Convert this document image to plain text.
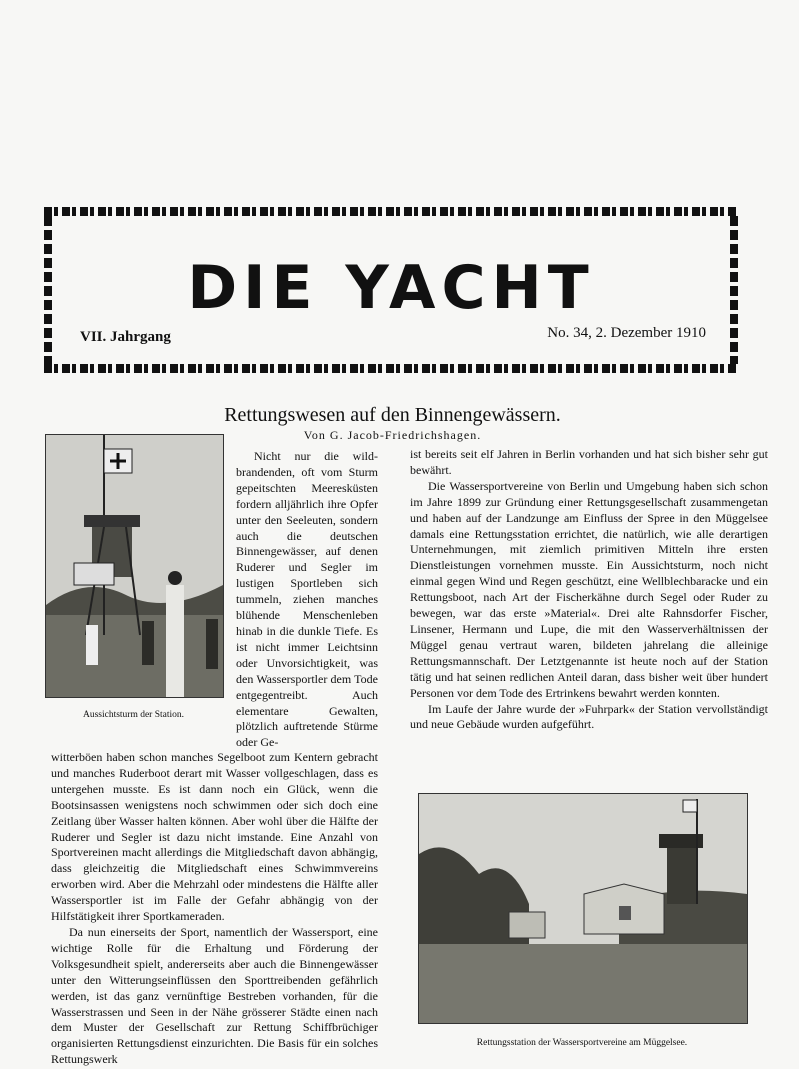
DIE YACHT
VII. Jahrgang	No. 34, 2. Dezember 1910
Rettungswesen auf den Binnengewässern.
Von G. Jacob-Friedrichshagen.
Aussichtsturm der Station.

Nicht nur die wild-brandenden, oft vom Sturm gepeitschten Meeresküsten fordern alljährlich ihre Opfer unter den Seeleuten, sondern auch die deutschen Binnengewässer, auf denen Ruderer und Segler im lustigen Sportleben sich tummeln, ziehen manches blühende Menschenleben hinab in die dunkle Tiefe. Es ist nicht immer Leichtsinn oder Unvorsichtigkeit, was den Wassersportler dem Tode entgegentreibt. Auch elementare Gewalten, plötzlich auftretende Stürme oder Ge-

witterböen haben schon manches Segelboot zum Kentern gebracht und manches Ruderboot derart mit Wasser vollgeschlagen, dass es untergehen musste. Es ist dann noch ein Glück, wenn die Bootsinsassen wenigstens noch schwimmen oder sich doch eine Zeitlang über Wasser halten können. Aber wohl über die Hälfte der Ruderer und Segler ist dazu nicht imstande. Eine Anzahl von Sportvereinen macht allerdings die Mitgliedschaft davon abhängig, dass gleichzeitig die Mitgliedschaft eines Schwimmvereins erworben wird. Aber die Mehrzahl oder mindestens die Hälfte aller Wassersportler ist im Falle der Gefahr abhängig von der Hilfstätigkeit ihrer Sportkameraden.

Da nun einerseits der Sport, namentlich der Wassersport, eine wichtige Rolle für die Erhaltung und Förderung der Volksgesundheit spielt, andererseits aber auch die Binnengewässer unter den Witterungseinflüssen den Sporttreibenden gefährlich werden, ist das ganz vernünftige Bestreben vorhanden, für die Wasserstrassen und Seen in der Nähe grösserer Städte einen nach dem Muster der Gesellschaft zur Rettung Schiffbrüchiger organisierten Rettungsdienst einzurichten. Die Basis für ein solches Rettungswerk

ist bereits seit elf Jahren in Berlin vorhanden und hat sich bisher sehr gut bewährt.

Die Wassersportvereine von Berlin und Umgebung haben sich schon im Jahre 1899 zur Gründung einer Rettungsgesellschaft zusammengetan und haben auf der Landzunge am Einfluss der Spree in den Müggelsee damals eine Rettungsstation errichtet, die natürlich, wie alle derartigen Unternehmungen, mit ziemlich primitiven Mitteln ihre ersten Dienstleistungen vornehmen musste. Ein Aussichtsturm, noch nicht einmal gegen Wind und Regen geschützt, eine Wellblechbaracke und ein Rettungsboot, nach Art der Fischerkähne durch Segel oder Ruder zu bewegen, war das erste »Material«. Drei alte Rahnsdorfer Fischer, Linsener, Hermann und Lupe, die mit den Wasserverhältnissen der Müggel genau vertraut waren, bildeten jahrelang die alleinige Rettungsmannschaft. Der Letztgenannte ist heute noch auf der Station tätig und hat seinen redlichen Anteil daran, dass bisher weit über hundert Personen vor dem Tode des Ertrinkens bewahrt werden konnten.

Im Laufe der Jahre wurde der »Fuhrpark« der Station vervollständigt und neue Gebäude wurden aufgeführt.

Rettungsstation der Wassersportvereine am Müggelsee.
